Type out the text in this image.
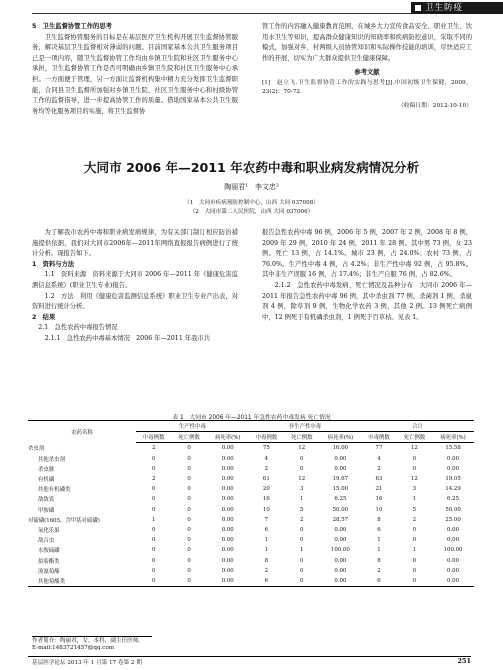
卫生防疫

5　卫生监督协管工作的思考

卫生监督协管服务的目标是在基层医疗卫生机构开展卫生监督协管服务，解决基层卫生监督相对薄弱的问题。目前国家基本公共卫生服务项目已是一项内容，随卫生监督协管工作均由乡镇卫生院和社区卫生服务中心承担，卫生监督协管工作是否可明确由乡镇卫生院和社区卫生服务中心承担。一方面便于管理，另一方面让监督机构集中精力充分发挥卫生监督职能，合同县卫生监督所加强对乡镇卫生院、社区卫生服务中心和村级协管工作的监督指导，进一步提高协管工作的质量。借助国家基本公共卫生服务均等化服务项目的实施，将卫生监督协

管工作的内容融入健康教育范围，在城乡大力宣传食品安全、职业卫生、饮用水卫生等知识，提高群众健康知识的知晓率和疾病防控意识，采取不同的模式，加强对乡、村两级人员协管知识和实际操作技能的培训，尽快适应工作的开展，切实为广大群众提供卫生健康保障。

参考文献

[1]　赵立飞.卫生监督协管工作的实践与思考[J].中国初级卫生保健，2009，23(2)：70-72.

（收稿日期：2012-10-10）

大同市 2006 年—2011 年农药中毒和职业病发病情况分析
陶丽君¹　李文忠²
（1　大同市疾病预防控制中心，山西 大同 037008）
（2　大同市第二人民医院，山西 大同 037006）

为了解我市农药中毒和职业病发病规律，为有关部门制订相应防治措施提供依据，我们对大同市2006年—2011年网络直报报告病例进行了统计分析。现报告如下。

1　资料与方法

1.1　资料来源　资料来源于大同市 2006 年—2011 年《健康危害监测信息系统》(职业卫生专业)报告。

1.2　方法　利用《健康危害监测信息系统》职业卫生专业产出表，对资料进行统计分析。

2　结果

2.1　急性农药中毒报告情况

2.1.1　急性农药中毒基本情况　2006 年—2011 年我市共

报告急性农药中毒 96 例，2006 年 5 例，2007 年 2 例，2008 年 8 例，2009 年 29 例，2010 年 24 例，2011 年 28 例。其中男 73 例，女 23 例。死亡 13 例，占 14.1%。城市 23 例，占 24.0%；农村 73 例，占 76.0%。生产性中毒 4 例，占 4.2%；非生产性中毒 92 例，占 95.8%。其中非生产误服 16 例，占 17.4%；非生产自服 76 例，占 82.6%。

2.1.2　急性农药中毒发病、死亡情况及品种分布　大同市 2006 年—2011 年报告急性农药中毒 96 例，其中杀虫剂 77 例，杀菌剂 1 例，杀鼠剂 4 例，除草剂 9 例，生物化学农药 3 例，其他 2 例。13 例死亡病例中，12 例死于有机磷杀虫剂，1 例死于百草枯。见表 1。

表 1　大同市 2006 年—2011 年急性农药中毒发病 死亡情况
农药名称	生产性中毒			非生产性中毒			合计		
	中毒例数	死亡例数	病死率(%)	中毒例数	死亡例数	病死率(%)	中毒例数	死亡例数	病死率(%)
杀虫剂	2	0	0.00	75	12	16.00	77	12	15.58
其他杀虫剂	0	0	0.00	4	0	0.00	4	0	0.00
杀虫脒	0	0	0.00	2	0	0.00	2	0	0.00
有机磷	2	0	0.00	61	12	19.67	63	12	19.05
其他有机磷类	0	0	0.00	20	3	15.00	21	3	14.29
敌敌畏	0	0	0.00	16	1	6.25	16	1	6.25
甲胺磷	0	0	0.00	10	5	50.00	10	5	50.00
对硫磷(1605，含甲基对硫磷)	1	0	0.00	7	2	28.57	8	2	25.00
氧化乐果	0	0	0.00	6	0	0.00	6	0	0.00
敌百虫	0	0	0.00	1	0	0.00	1	0	0.00
水胺硫磷	0	0	0.00	1	1	100.00	1	1	100.00
拟菊酯类	0	0	0.00	8	0	0.00	8	0	0.00
溴氰菊酯	0	0	0.00	2	0	0.00	2	0	0.00
其他菊酯类	0	0	0.00	6	0	0.00	6	0	0.00
作者简介：陶丽君，女，本科，副主任医师。
E-mail:1483721457@qq.com
基层医学论坛 2013 年 1 月第 17 卷第 2 期	251
